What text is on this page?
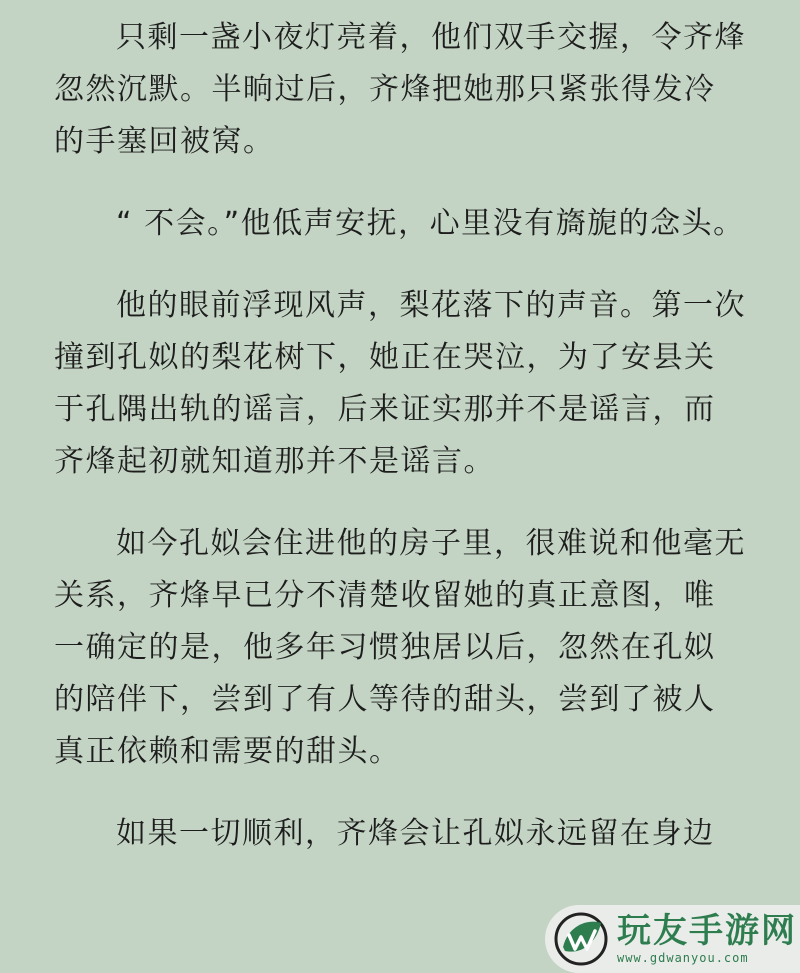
只剩一盏小夜灯亮着，他们双手交握，令齐烽忽然沉默。半晌过后，齐烽把她那只紧张得发冷的手塞回被窝。

“ 不会。”他低声安抚，心里没有旖旎的念头。

他的眼前浮现风声，梨花落下的声音。第一次撞到孔姒的梨花树下，她正在哭泣，为了安县关于孔隅出轨的谣言，后来证实那并不是谣言，而齐烽起初就知道那并不是谣言。

如今孔姒会住进他的房子里，很难说和他毫无关系，齐烽早已分不清楚收留她的真正意图，唯一确定的是，他多年习惯独居以后，忽然在孔姒的陪伴下，尝到了有人等待的甜头，尝到了被人真正依赖和需要的甜头。

如果一切顺利，齐烽会让孔姒永远留在身边

玩友手游网
www.gdwanyou.com
